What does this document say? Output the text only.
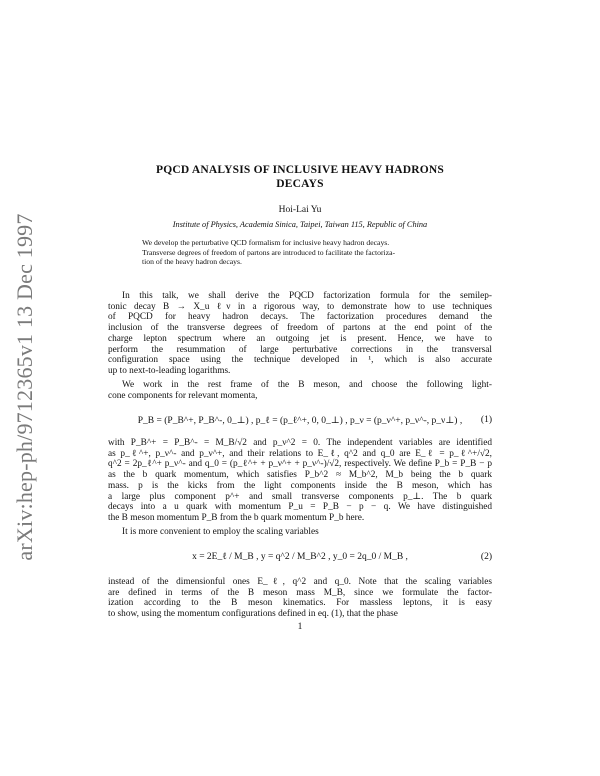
arXiv:hep-ph/9712365v1 13 Dec 1997
PQCD ANALYSIS OF INCLUSIVE HEAVY HADRONS
DECAYS
Hoi-Lai Yu
Institute of Physics, Academia Sinica, Taipei, Taiwan 115, Republic of China
We develop the perturbative QCD formalism for inclusive heavy hadron decays.
Transverse degrees of freedom of partons are introduced to facilitate the factoriza-
tion of the heavy hadron decays.
In this talk, we shall derive the PQCD factorization formula for the semilep-
tonic decay B → X_u ℓν in a rigorous way, to demonstrate how to use techniques
of PQCD for heavy hadron decays. The factorization procedures demand the
inclusion of the transverse degrees of freedom of partons at the end point of the
charge lepton spectrum where an outgoing jet is present. Hence, we have to
perform the resummation of large perturbative corrections in the transversal
configuration space using the technique developed in ¹, which is also accurate
up to next-to-leading logarithms.
We work in the rest frame of the B meson, and choose the following light-
cone components for relevant momenta,
P_B = (P_B^+, P_B^-, 0_⊥) , p_ℓ = (p_ℓ^+, 0, 0_⊥) , p_ν = (p_ν^+, p_ν^-, p_ν⊥) ,	(1)
with P_B^+ = P_B^- = M_B/√2 and p_ν^2 = 0. The independent variables are identified
as p_ℓ^+, p_ν^- and p_ν^+, and their relations to E_ℓ, q^2 and q_0 are E_ℓ = p_ℓ^+/√2,
q^2 = 2p_ℓ^+ p_ν^- and q_0 = (p_ℓ^+ + p_ν^+ + p_ν^-)/√2, respectively. We define P_b = P_B − p
as the b quark momentum, which satisfies P_b^2 ≈ M_b^2, M_b being the b quark
mass. p is the kicks from the light components inside the B meson, which has
a large plus component p^+ and small transverse components p_⊥. The b quark
decays into a u quark with momentum P_u = P_B − p − q. We have distinguished
the B meson momentum P_B from the b quark momentum P_b here.
It is more convenient to employ the scaling variables
x = 2E_ℓ / M_B , y = q^2 / M_B^2 , y_0 = 2q_0 / M_B ,	(2)
instead of the dimensionful ones E_ℓ, q^2 and q_0. Note that the scaling variables
are defined in terms of the B meson mass M_B, since we formulate the factor-
ization according to the B meson kinematics. For massless leptons, it is easy
to show, using the momentum configurations defined in eq. (1), that the phase
1
